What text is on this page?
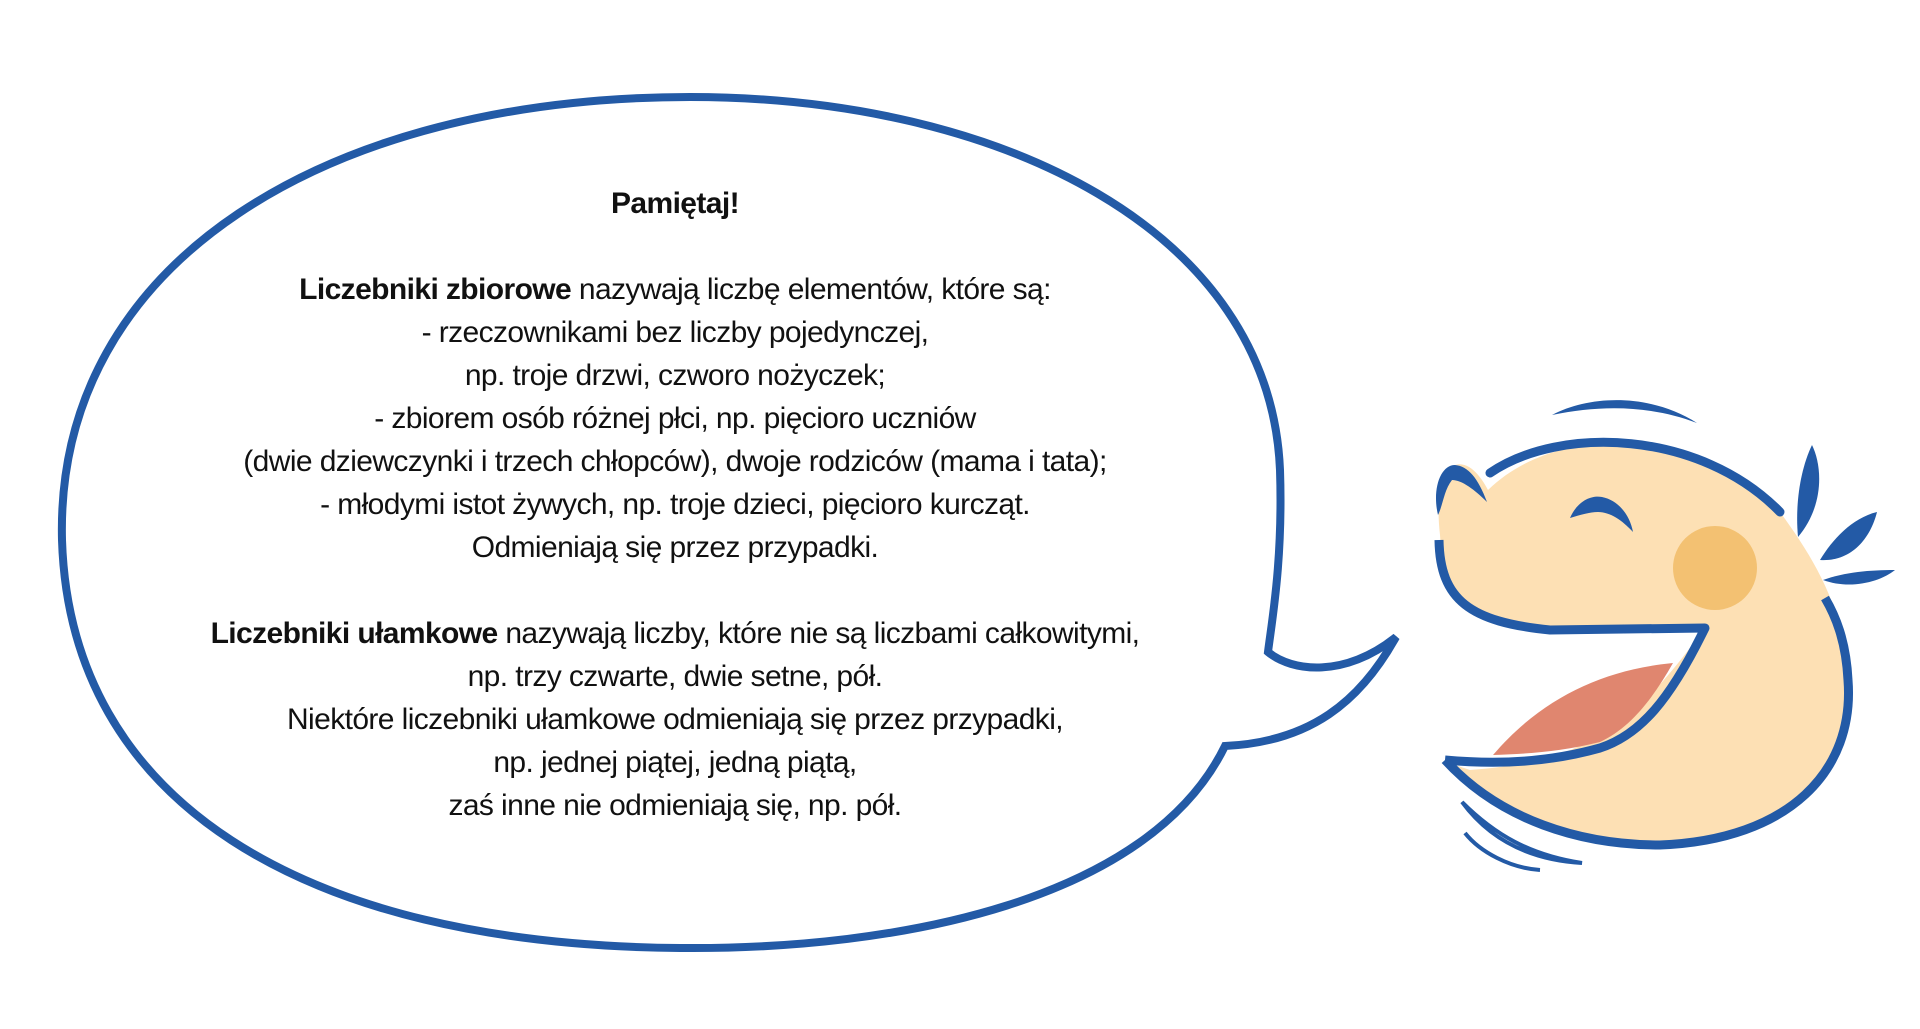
Pamiętaj!
Liczebniki zbiorowe nazywają liczbę elementów, które są:
- rzeczownikami bez liczby pojedynczej,
np. troje drzwi, czworo nożyczek;
- zbiorem osób różnej płci, np. pięcioro uczniów
(dwie dziewczynki i trzech chłopców), dwoje rodziców (mama i tata);
- młodymi istot żywych, np. troje dzieci, pięcioro kurcząt.
Odmieniają się przez przypadki.
Liczebniki ułamkowe nazywają liczby, które nie są liczbami całkowitymi,
np. trzy czwarte, dwie setne, pół.
Niektóre liczebniki ułamkowe odmieniają się przez przypadki,
np. jednej piątej, jedną piątą,
zaś inne nie odmieniają się, np. pół.
